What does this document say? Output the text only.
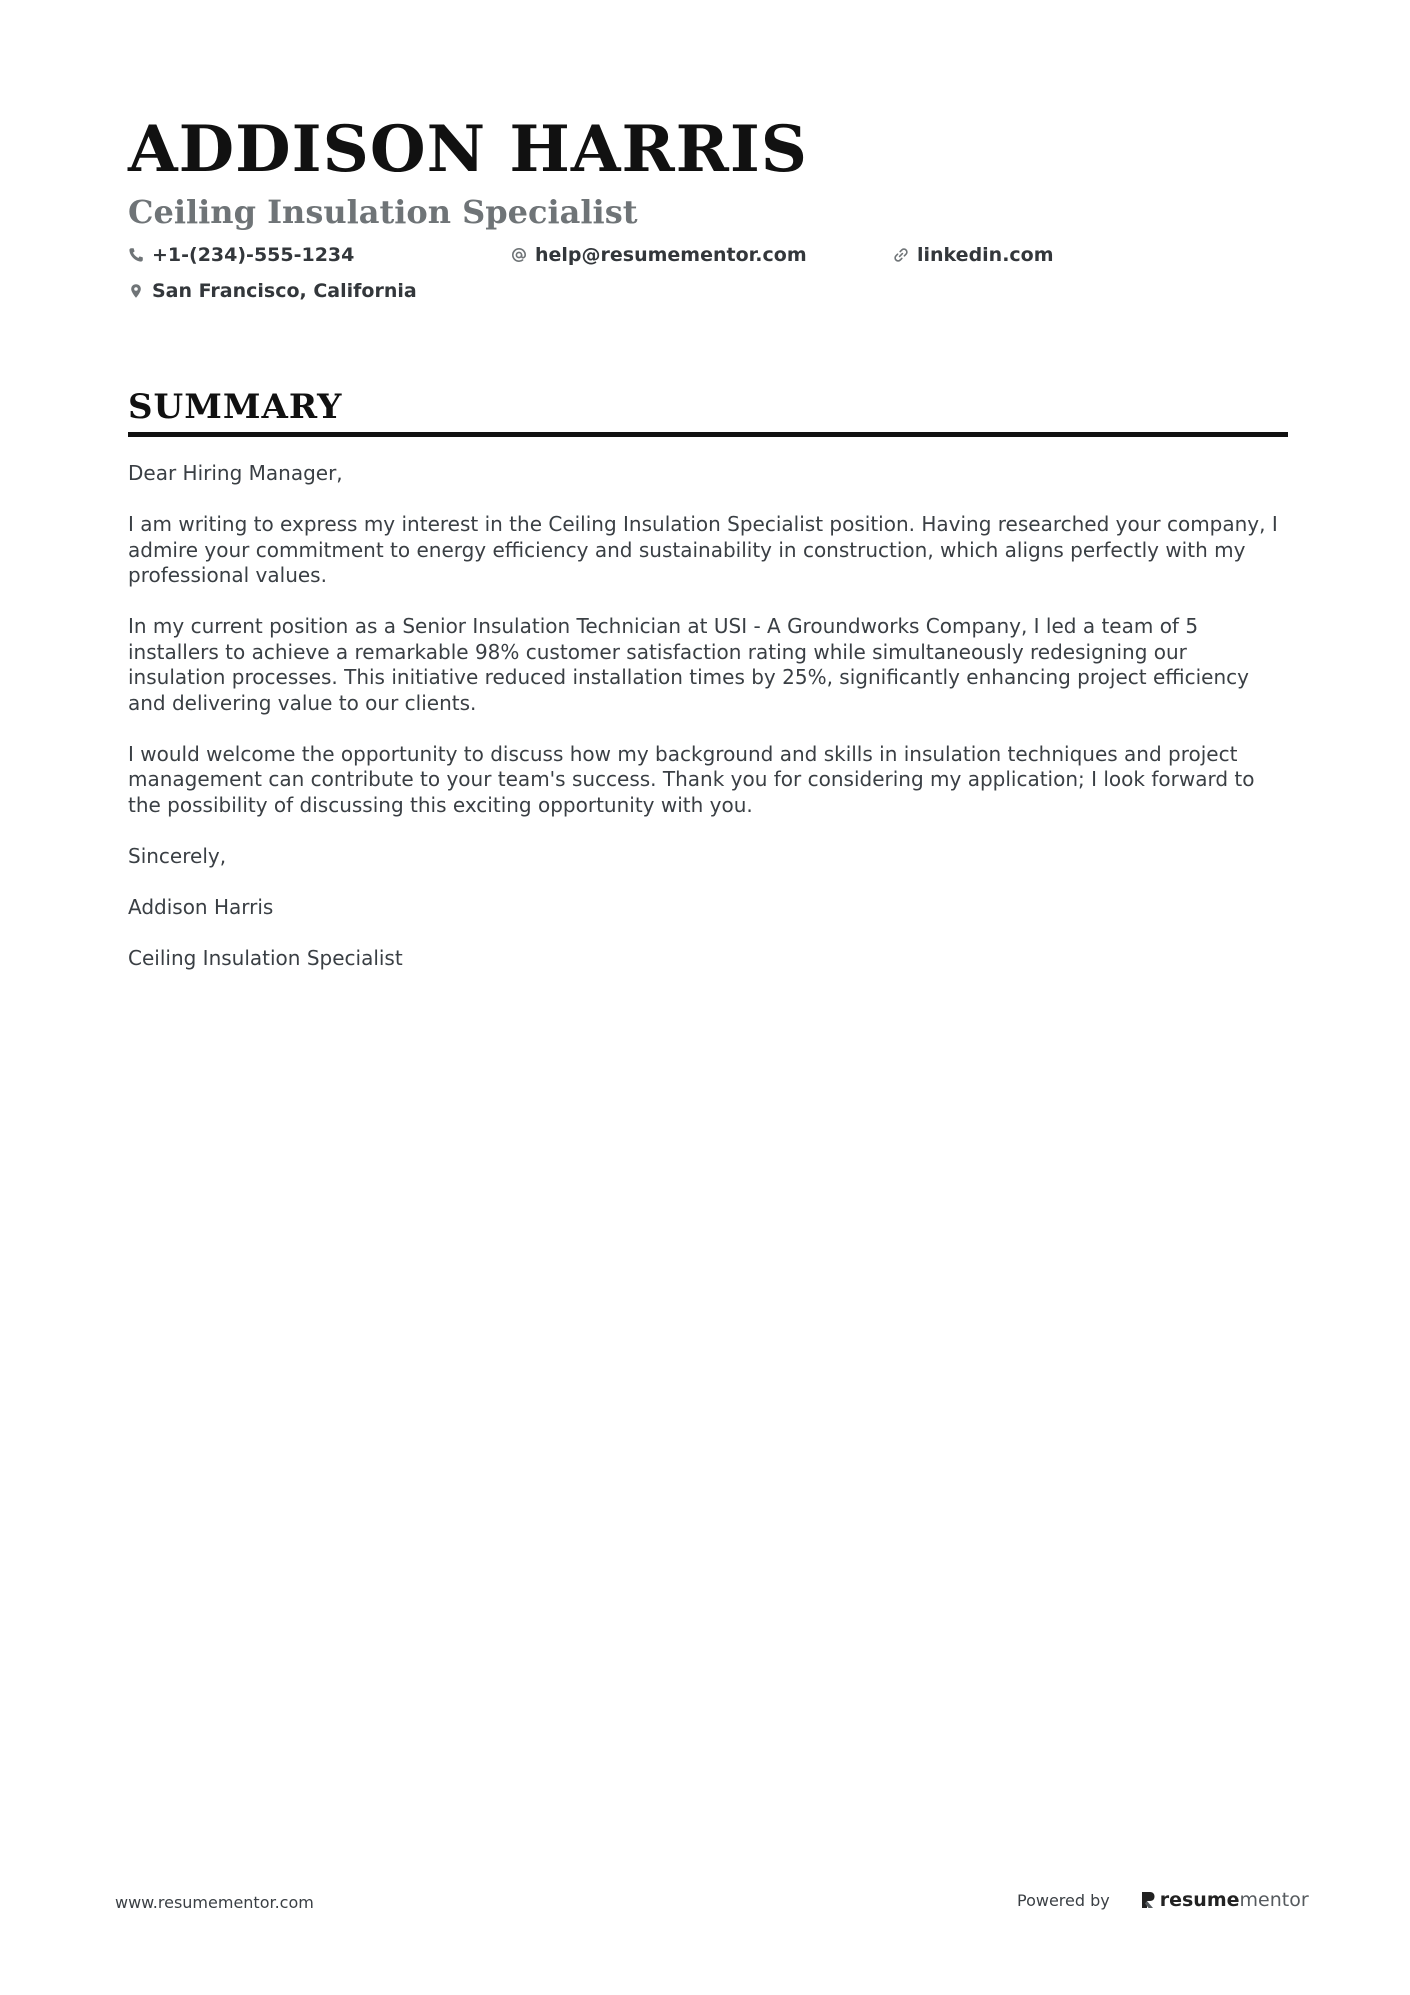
ADDISON HARRIS
Ceiling Insulation Specialist
+1-(234)-555-1234	help@resumementor.com	linkedin.com
San Francisco, California
SUMMARY

Dear Hiring Manager,

I am writing to express my interest in the Ceiling Insulation Specialist position. Having researched your company, I admire your commitment to energy efficiency and sustainability in construction, which aligns perfectly with my professional values.

In my current position as a Senior Insulation Technician at USI - A Groundworks Company, I led a team of 5 installers to achieve a remarkable 98% customer satisfaction rating while simultaneously redesigning our insulation processes. This initiative reduced installation times by 25%, significantly enhancing project efficiency and delivering value to our clients.

I would welcome the opportunity to discuss how my background and skills in insulation techniques and project management can contribute to your team's success. Thank you for considering my application; I look forward to the possibility of discussing this exciting opportunity with you.

Sincerely,

Addison Harris

Ceiling Insulation Specialist

www.resumementor.com	Powered by	resume mentor
